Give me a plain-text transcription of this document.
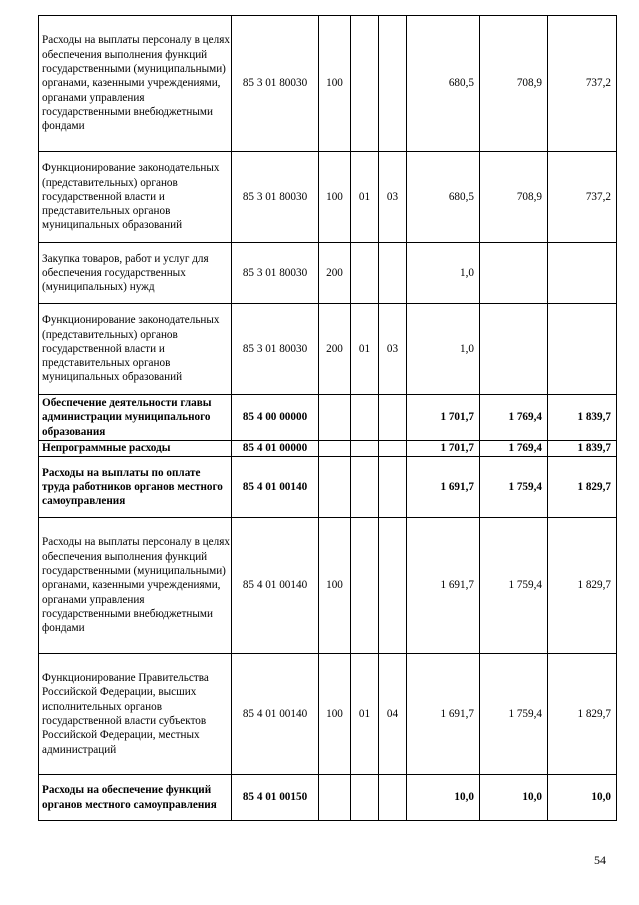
Расходы на выплаты персоналу в целях обеспечения выполнения функций государственными (муниципальными) органами, казенными учреждениями, органами управления государственными внебюджетными фондами	85 3 01 80030	100			680,5	708,9	737,2
Функционирование законодательных (представительных) органов государственной власти и представительных органов муниципальных образований	85 3 01 80030	100	01	03	680,5	708,9	737,2
Закупка товаров, работ и услуг для обеспечения государственных (муниципальных) нужд	85 3 01 80030	200			1,0		
Функционирование законодательных (представительных) органов государственной власти и представительных органов муниципальных образований	85 3 01 80030	200	01	03	1,0		
Обеспечение деятельности главы администрации муниципального образования	85 4 00 00000				1 701,7	1 769,4	1 839,7
Непрограммные расходы	85 4 01 00000				1 701,7	1 769,4	1 839,7
Расходы на выплаты по оплате труда работников органов местного самоуправления	85 4 01 00140				1 691,7	1 759,4	1 829,7
Расходы на выплаты персоналу в целях обеспечения выполнения функций государственными (муниципальными) органами, казенными учреждениями, органами управления государственными внебюджетными фондами	85 4 01 00140	100			1 691,7	1 759,4	1 829,7
Функционирование Правительства Российской Федерации, высших исполнительных органов государственной власти субъектов Российской Федерации, местных администраций	85 4 01 00140	100	01	04	1 691,7	1 759,4	1 829,7
Расходы на обеспечение функций органов местного самоуправления	85 4 01 00150				10,0	10,0	10,0
54
